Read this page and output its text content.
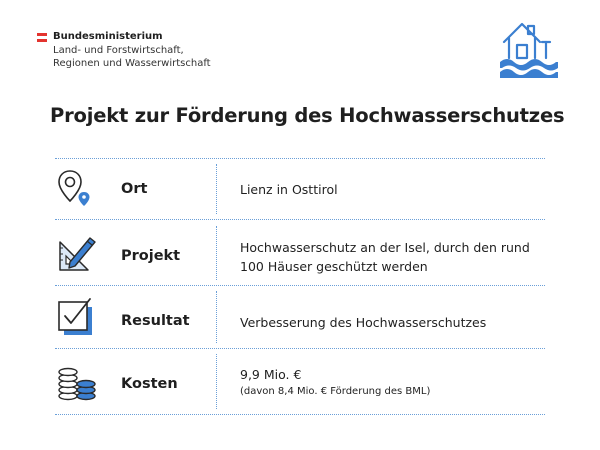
Bundesministerium
Land- und Forstwirtschaft,
Regionen und Wasserwirtschaft
Projekt zur Förderung des Hochwasserschutzes
Ort	Lienz in Osttirol
Projekt
Hochwasserschutz an der Isel, durch den rund
100 Häuser geschützt werden
Resultat	Verbesserung des Hochwasserschutzes
Kosten
9,9 Mio. €
(davon 8,4 Mio. € Förderung des BML)
